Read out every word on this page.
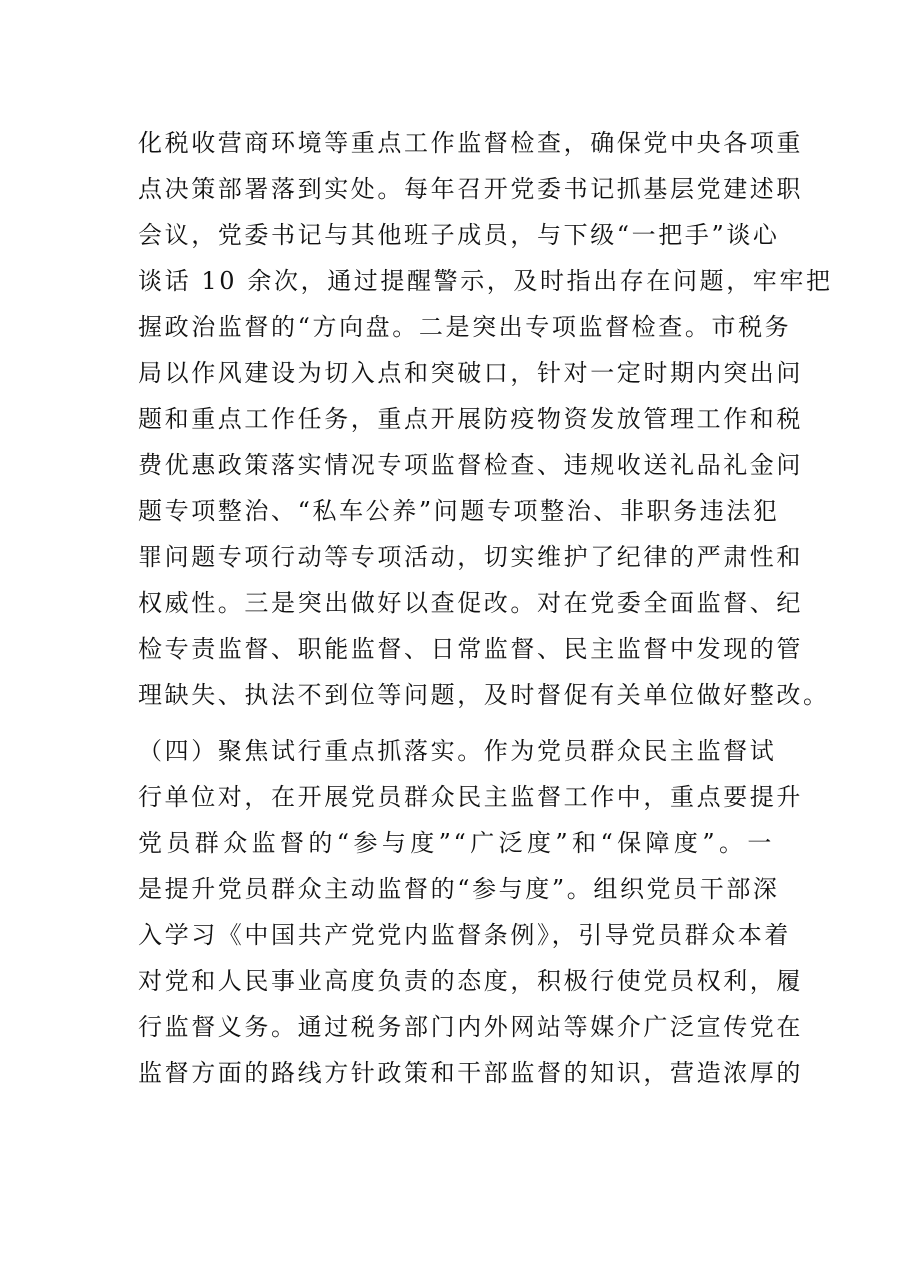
化税收营商环境等重点工作监督检查，确保党中央各项重
点决策部署落到实处。每年召开党委书记抓基层党建述职
会议，党委书记与其他班子成员，与下级“一把手”谈心
谈话 10 余次，通过提醒警示，及时指出存在问题，牢牢把
握政治监督的“方向盘。二是突出专项监督检查。市税务
局以作风建设为切入点和突破口，针对一定时期内突出问
题和重点工作任务，重点开展防疫物资发放管理工作和税
费优惠政策落实情况专项监督检查、违规收送礼品礼金问
题专项整治、“私车公养”问题专项整治、非职务违法犯
罪问题专项行动等专项活动，切实维护了纪律的严肃性和
权威性。三是突出做好以查促改。对在党委全面监督、纪
检专责监督、职能监督、日常监督、民主监督中发现的管
理缺失、执法不到位等问题，及时督促有关单位做好整改。
（四）聚焦试行重点抓落实。作为党员群众民主监督试
行单位对，在开展党员群众民主监督工作中，重点要提升
党员群众监督的“参与度”“广泛度”和“保障度”。一
是提升党员群众主动监督的“参与度”。组织党员干部深
入学习《中国共产党党内监督条例》，引导党员群众本着
对党和人民事业高度负责的态度，积极行使党员权利，履
行监督义务。通过税务部门内外网站等媒介广泛宣传党在
监督方面的路线方针政策和干部监督的知识，营造浓厚的
